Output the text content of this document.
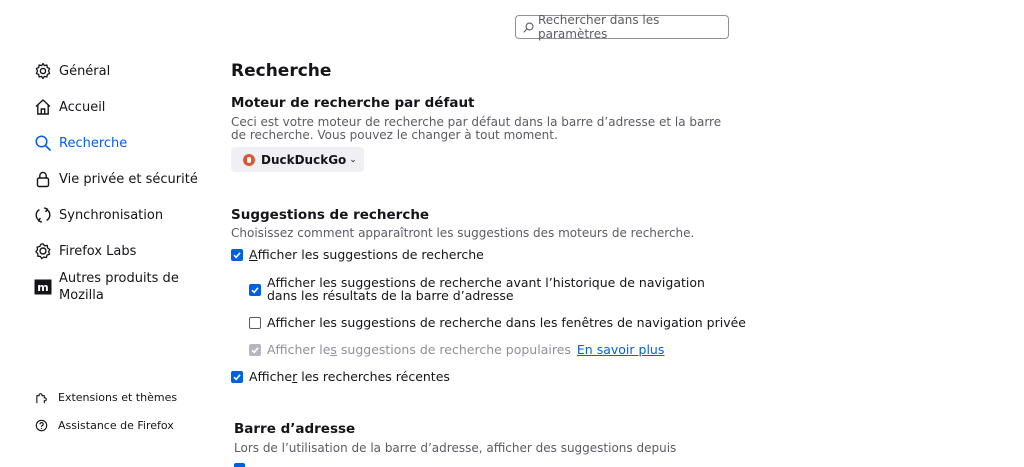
Rechercher dans les paramètres
Général
Accueil
Recherche
Vie privée et sécurité
Synchronisation
Firefox Labs
m
Autres produits de Mozilla
Extensions et thèmes
Assistance de Firefox
Recherche
Moteur de recherche par défaut
Ceci est votre moteur de recherche par défaut dans la barre d’adresse et la barre de recherche. Vous pouvez le changer à tout moment.
DuckDuckGo ⌄
Suggestions de recherche
Choisissez comment apparaîtront les suggestions des moteurs de recherche.
Afficher les suggestions de recherche
Afficher les suggestions de recherche avant l’historique de navigation dans les résultats de la barre d’adresse
Afficher les suggestions de recherche dans les fenêtres de navigation privée
Afficher les suggestions de recherche populaires En savoir plus
Afficher les recherches récentes
Barre d’adresse
Lors de l’utilisation de la barre d’adresse, afficher des suggestions depuis
